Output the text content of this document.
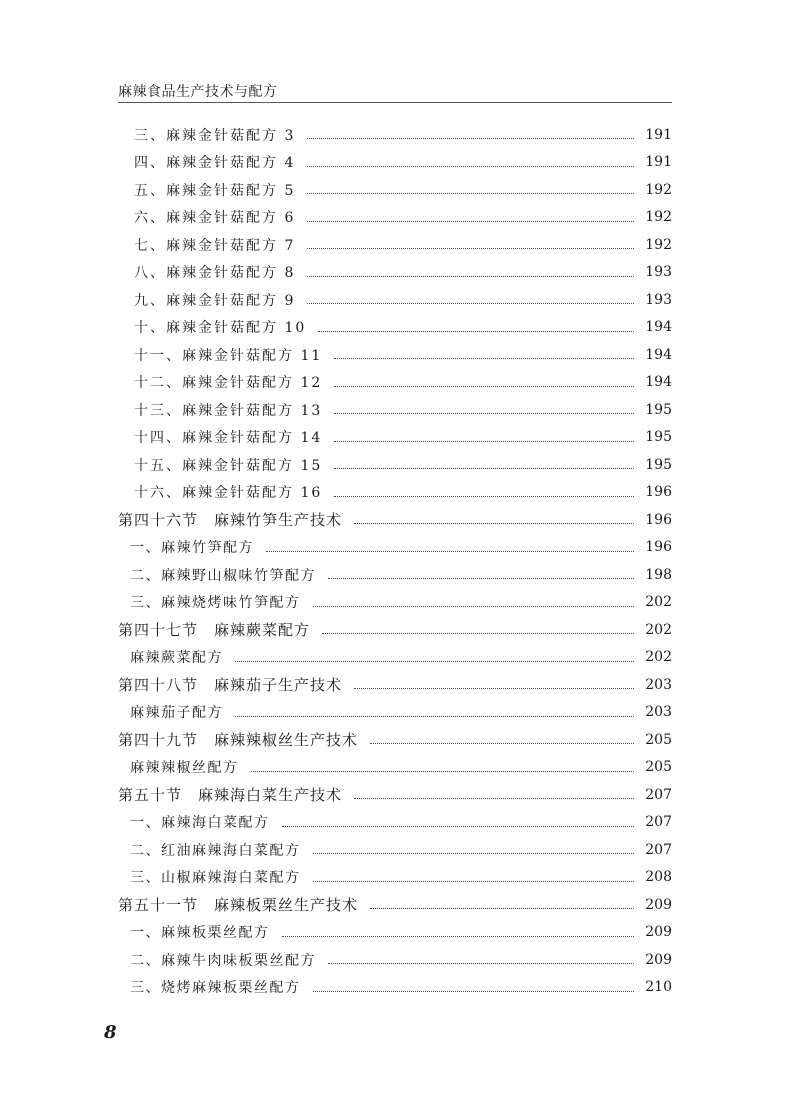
麻辣食品生产技术与配方
三、麻辣金针菇配方 3	191
四、麻辣金针菇配方 4	191
五、麻辣金针菇配方 5	192
六、麻辣金针菇配方 6	192
七、麻辣金针菇配方 7	192
八、麻辣金针菇配方 8	193
九、麻辣金针菇配方 9	193
十、麻辣金针菇配方 10	194
十一、麻辣金针菇配方 11	194
十二、麻辣金针菇配方 12	194
十三、麻辣金针菇配方 13	195
十四、麻辣金针菇配方 14	195
十五、麻辣金针菇配方 15	195
十六、麻辣金针菇配方 16	196
第四十六节　麻辣竹笋生产技术	196
一、麻辣竹笋配方	196
二、麻辣野山椒味竹笋配方	198
三、麻辣烧烤味竹笋配方	202
第四十七节　麻辣蕨菜配方	202
麻辣蕨菜配方	202
第四十八节　麻辣茄子生产技术	203
麻辣茄子配方	203
第四十九节　麻辣辣椒丝生产技术	205
麻辣辣椒丝配方	205
第五十节　麻辣海白菜生产技术	207
一、麻辣海白菜配方	207
二、红油麻辣海白菜配方	207
三、山椒麻辣海白菜配方	208
第五十一节　麻辣板栗丝生产技术	209
一、麻辣板栗丝配方	209
二、麻辣牛肉味板栗丝配方	209
三、烧烤麻辣板栗丝配方	210
8
